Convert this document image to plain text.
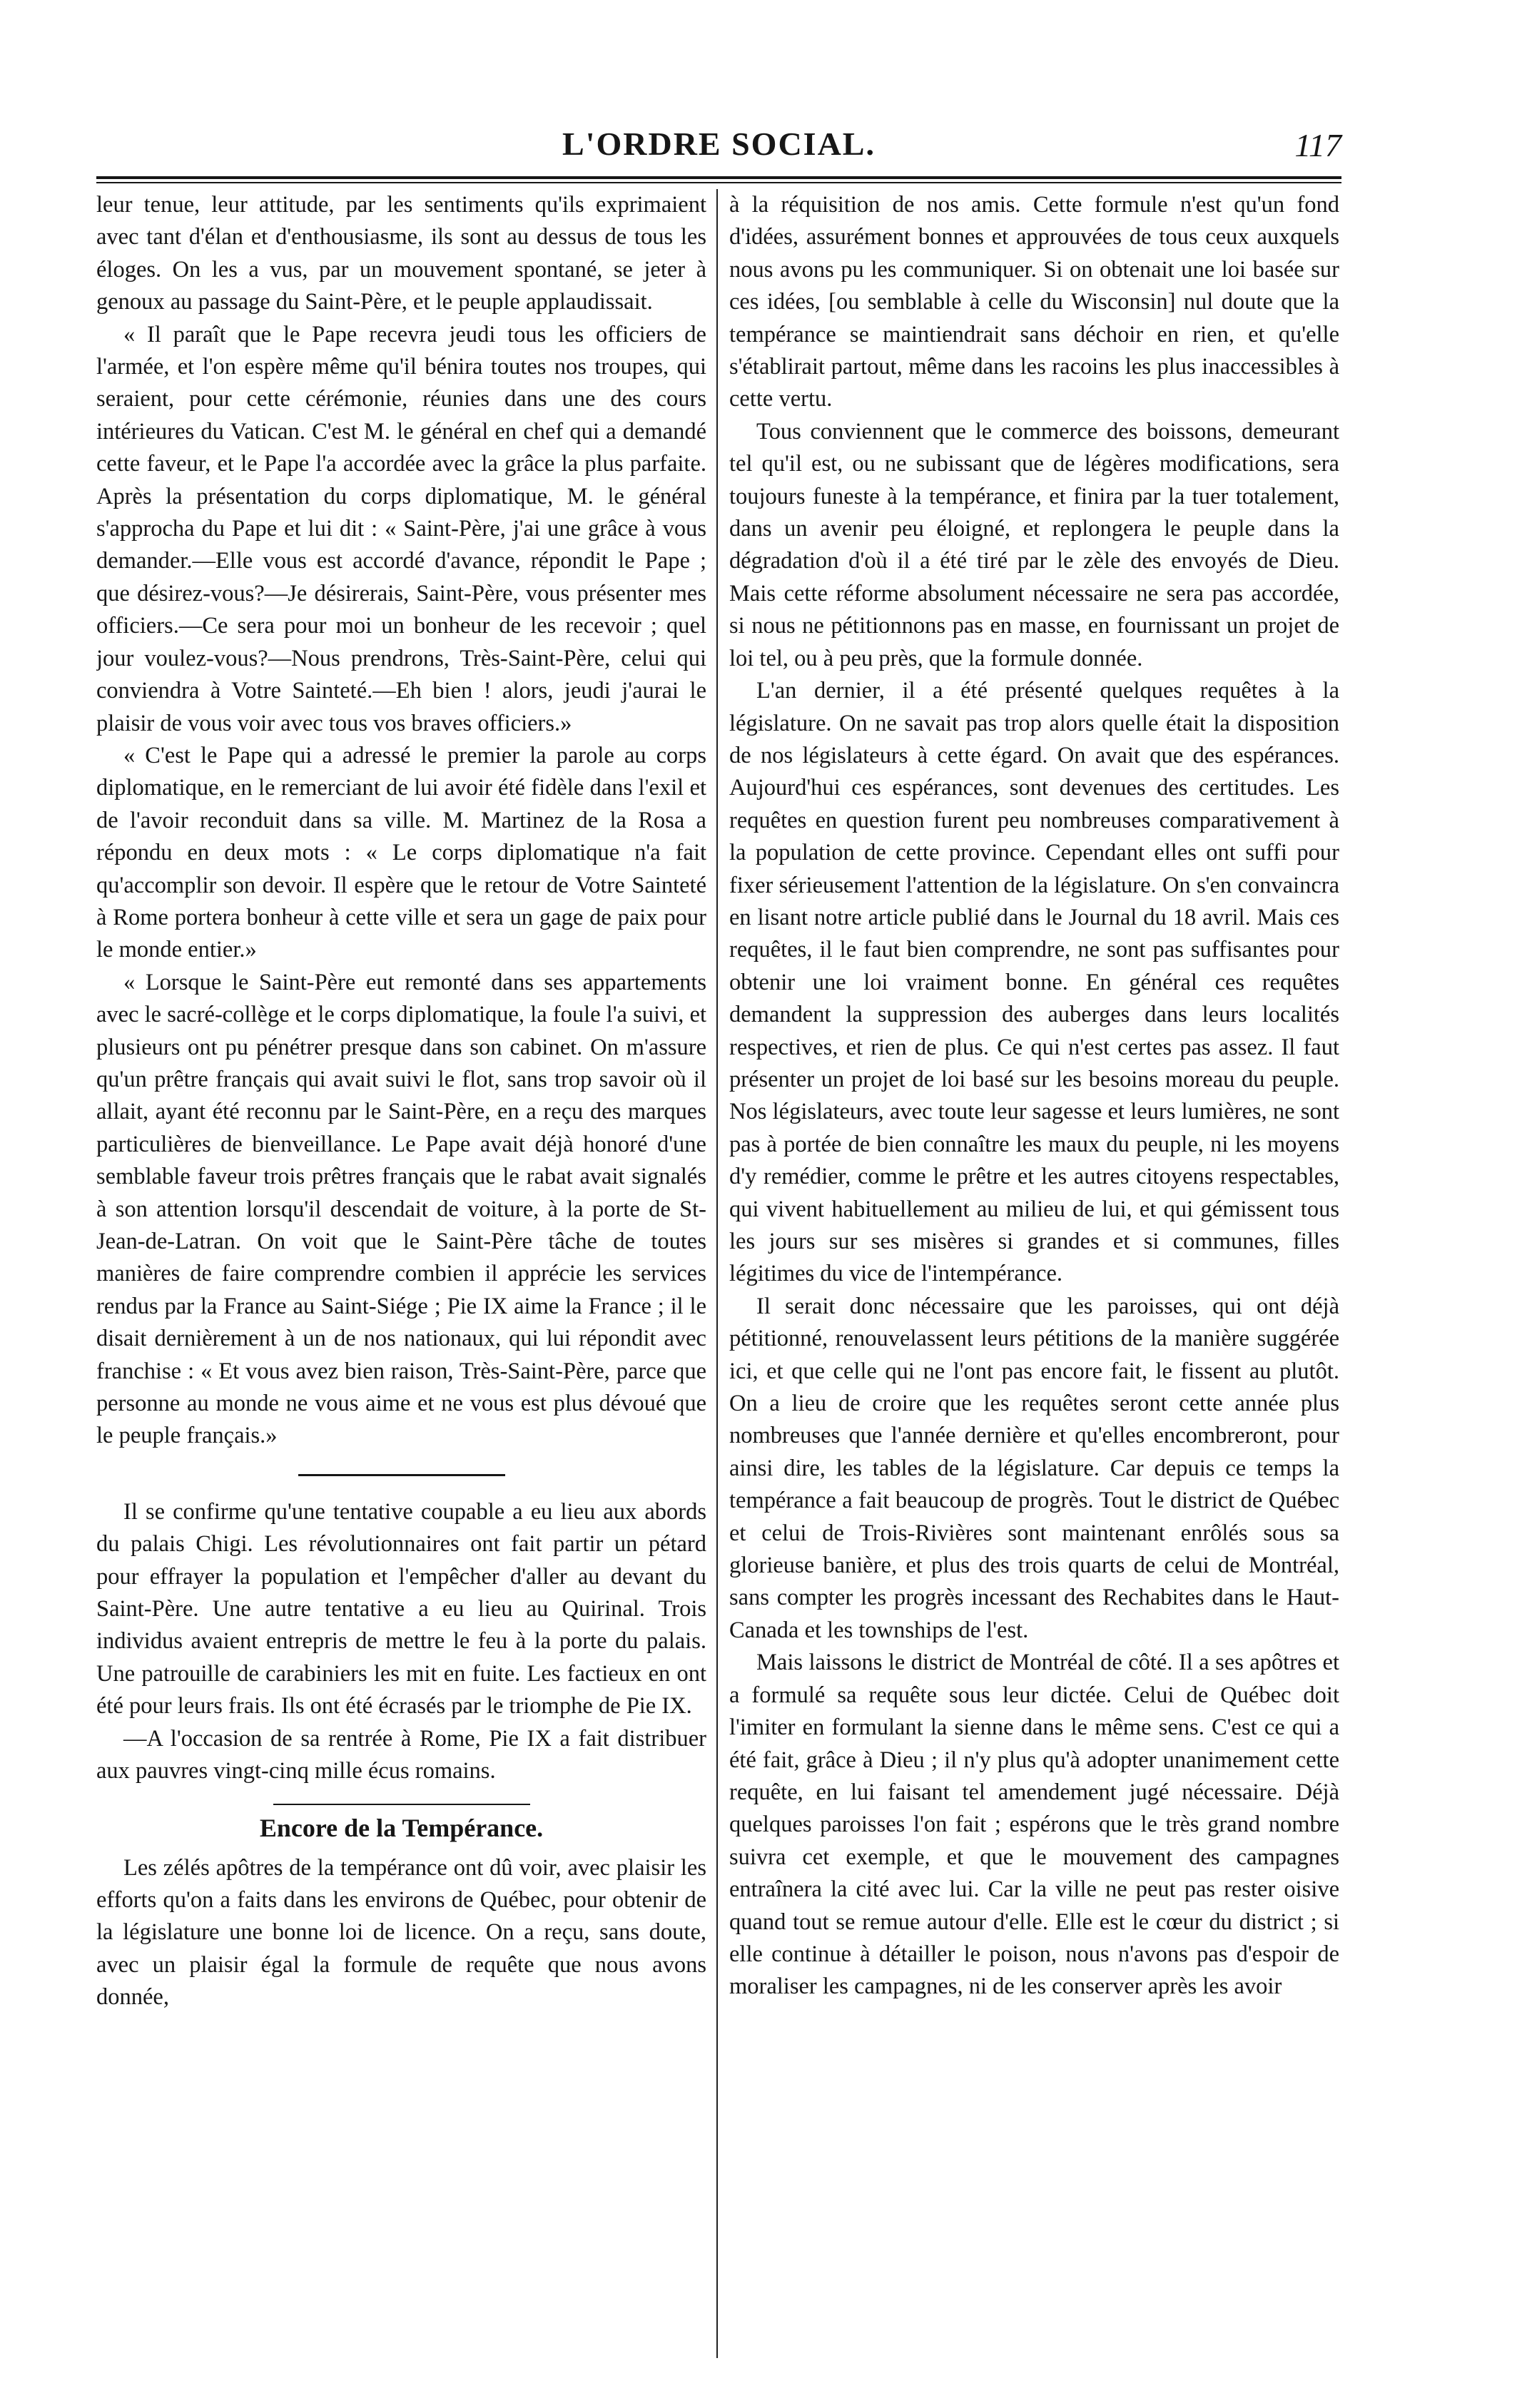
L'ORDRE SOCIAL.	117

leur tenue, leur attitude, par les sentiments qu'ils exprimaient avec tant d'élan et d'enthousiasme, ils sont au dessus de tous les éloges. On les a vus, par un mouvement spontané, se jeter à genoux au passage du Saint-Père, et le peuple applaudissait.

« Il paraît que le Pape recevra jeudi tous les officiers de l'armée, et l'on espère même qu'il bénira toutes nos troupes, qui seraient, pour cette cérémonie, réunies dans une des cours intérieures du Vatican. C'est M. le général en chef qui a demandé cette faveur, et le Pape l'a accordée avec la grâce la plus parfaite. Après la présentation du corps diplomatique, M. le général s'approcha du Pape et lui dit : « Saint-Père, j'ai une grâce à vous demander.—Elle vous est accordé d'avance, répondit le Pape ; que désirez-vous?—Je désirerais, Saint-Père, vous présenter mes officiers.—Ce sera pour moi un bonheur de les recevoir ; quel jour voulez-vous?—Nous prendrons, Très-Saint-Père, celui qui conviendra à Votre Sainteté.—Eh bien ! alors, jeudi j'aurai le plaisir de vous voir avec tous vos braves officiers.»

« C'est le Pape qui a adressé le premier la parole au corps diplomatique, en le remerciant de lui avoir été fidèle dans l'exil et de l'avoir reconduit dans sa ville. M. Martinez de la Rosa a répondu en deux mots : « Le corps diplomatique n'a fait qu'accomplir son devoir. Il espère que le retour de Votre Sainteté à Rome portera bonheur à cette ville et sera un gage de paix pour le monde entier.»

« Lorsque le Saint-Père eut remonté dans ses appartements avec le sacré-collège et le corps diplomatique, la foule l'a suivi, et plusieurs ont pu pénétrer presque dans son cabinet. On m'assure qu'un prêtre français qui avait suivi le flot, sans trop savoir où il allait, ayant été reconnu par le Saint-Père, en a reçu des marques particulières de bienveillance. Le Pape avait déjà honoré d'une semblable faveur trois prêtres français que le rabat avait signalés à son attention lorsqu'il descendait de voiture, à la porte de St-Jean-de-Latran. On voit que le Saint-Père tâche de toutes manières de faire comprendre combien il apprécie les services rendus par la France au Saint-Siége ; Pie IX aime la France ; il le disait dernièrement à un de nos nationaux, qui lui répondit avec franchise : « Et vous avez bien raison, Très-Saint-Père, parce que personne au monde ne vous aime et ne vous est plus dévoué que le peuple français.»

Il se confirme qu'une tentative coupable a eu lieu aux abords du palais Chigi. Les révolutionnaires ont fait partir un pétard pour effrayer la population et l'empêcher d'aller au devant du Saint-Père. Une autre tentative a eu lieu au Quirinal. Trois individus avaient entrepris de mettre le feu à la porte du palais. Une patrouille de carabiniers les mit en fuite. Les factieux en ont été pour leurs frais. Ils ont été écrasés par le triomphe de Pie IX.

—A l'occasion de sa rentrée à Rome, Pie IX a fait distribuer aux pauvres vingt-cinq mille écus romains.

Encore de la Tempérance.

Les zélés apôtres de la tempérance ont dû voir, avec plaisir les efforts qu'on a faits dans les environs de Québec, pour obtenir de la législature une bonne loi de licence. On a reçu, sans doute, avec un plaisir égal la formule de requête que nous avons donnée,

à la réquisition de nos amis. Cette formule n'est qu'un fond d'idées, assurément bonnes et approuvées de tous ceux auxquels nous avons pu les communiquer. Si on obtenait une loi basée sur ces idées, [ou semblable à celle du Wisconsin] nul doute que la tempérance se maintiendrait sans déchoir en rien, et qu'elle s'établirait partout, même dans les racoins les plus inaccessibles à cette vertu.

Tous conviennent que le commerce des boissons, demeurant tel qu'il est, ou ne subissant que de légères modifications, sera toujours funeste à la tempérance, et finira par la tuer totalement, dans un avenir peu éloigné, et replongera le peuple dans la dégradation d'où il a été tiré par le zèle des envoyés de Dieu. Mais cette réforme absolument nécessaire ne sera pas accordée, si nous ne pétitionnons pas en masse, en fournissant un projet de loi tel, ou à peu près, que la formule donnée.

L'an dernier, il a été présenté quelques requêtes à la législature. On ne savait pas trop alors quelle était la disposition de nos législateurs à cette égard. On avait que des espérances. Aujourd'hui ces espérances, sont devenues des certitudes. Les requêtes en question furent peu nombreuses comparativement à la population de cette province. Cependant elles ont suffi pour fixer sérieusement l'attention de la législature. On s'en convaincra en lisant notre article publié dans le Journal du 18 avril. Mais ces requêtes, il le faut bien comprendre, ne sont pas suffisantes pour obtenir une loi vraiment bonne. En général ces requêtes demandent la suppression des auberges dans leurs localités respectives, et rien de plus. Ce qui n'est certes pas assez. Il faut présenter un projet de loi basé sur les besoins moreau du peuple. Nos législateurs, avec toute leur sagesse et leurs lumières, ne sont pas à portée de bien connaître les maux du peuple, ni les moyens d'y remédier, comme le prêtre et les autres citoyens respectables, qui vivent habituellement au milieu de lui, et qui gémissent tous les jours sur ses misères si grandes et si communes, filles légitimes du vice de l'intempérance.

Il serait donc nécessaire que les paroisses, qui ont déjà pétitionné, renouvelassent leurs pétitions de la manière suggérée ici, et que celle qui ne l'ont pas encore fait, le fissent au plutôt. On a lieu de croire que les requêtes seront cette année plus nombreuses que l'année dernière et qu'elles encombreront, pour ainsi dire, les tables de la législature. Car depuis ce temps la tempérance a fait beaucoup de progrès. Tout le district de Québec et celui de Trois-Rivières sont maintenant enrôlés sous sa glorieuse banière, et plus des trois quarts de celui de Montréal, sans compter les progrès incessant des Rechabites dans le Haut-Canada et les townships de l'est.

Mais laissons le district de Montréal de côté. Il a ses apôtres et a formulé sa requête sous leur dictée. Celui de Québec doit l'imiter en formulant la sienne dans le même sens. C'est ce qui a été fait, grâce à Dieu ; il n'y plus qu'à adopter unanimement cette requête, en lui faisant tel amendement jugé nécessaire. Déjà quelques paroisses l'on fait ; espérons que le très grand nombre suivra cet exemple, et que le mouvement des campagnes entraînera la cité avec lui. Car la ville ne peut pas rester oisive quand tout se remue autour d'elle. Elle est le cœur du district ; si elle continue à détailler le poison, nous n'avons pas d'espoir de moraliser les campagnes, ni de les conserver après les avoir
